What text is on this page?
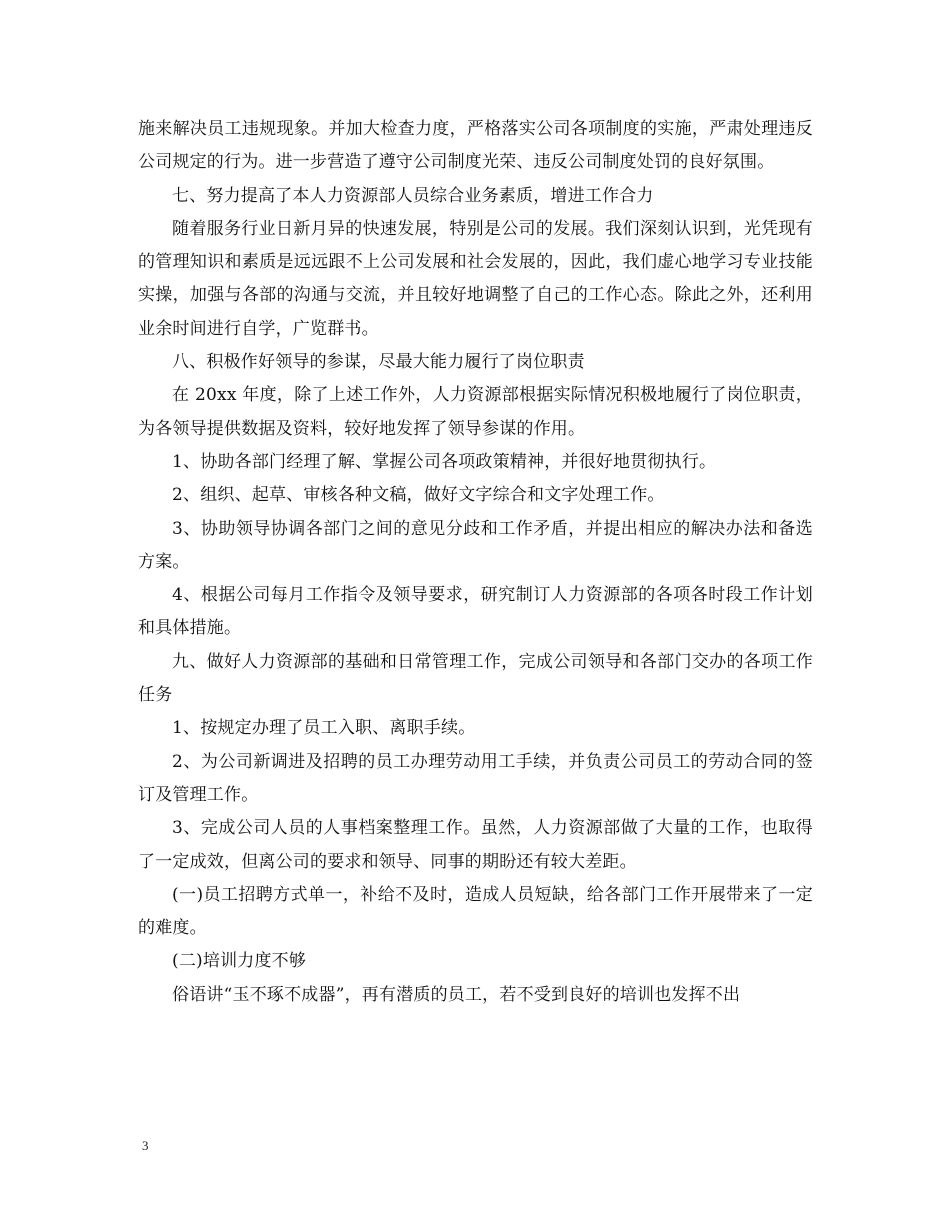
施来解决员工违规现象。并加大检查力度，严格落实公司各项制度的实施，严肃处理违反公司规定的行为。进一步营造了遵守公司制度光荣、违反公司制度处罚的良好氛围。

七、努力提高了本人力资源部人员综合业务素质，增进工作合力

随着服务行业日新月异的快速发展，特别是公司的发展。我们深刻认识到，光凭现有的管理知识和素质是远远跟不上公司发展和社会发展的，因此，我们虚心地学习专业技能实操，加强与各部的沟通与交流，并且较好地调整了自己的工作心态。除此之外，还利用业余时间进行自学，广览群书。

八、积极作好领导的参谋，尽最大能力履行了岗位职责

在 20xx 年度，除了上述工作外，人力资源部根据实际情况积极地履行了岗位职责，为各领导提供数据及资料，较好地发挥了领导参谋的作用。

1、协助各部门经理了解、掌握公司各项政策精神，并很好地贯彻执行。

2、组织、起草、审核各种文稿，做好文字综合和文字处理工作。

3、协助领导协调各部门之间的意见分歧和工作矛盾，并提出相应的解决办法和备选方案。

4、根据公司每月工作指令及领导要求，研究制订人力资源部的各项各时段工作计划和具体措施。

九、做好人力资源部的基础和日常管理工作，完成公司领导和各部门交办的各项工作任务

1、按规定办理了员工入职、离职手续。

2、为公司新调进及招聘的员工办理劳动用工手续，并负责公司员工的劳动合同的签订及管理工作。

3、完成公司人员的人事档案整理工作。虽然，人力资源部做了大量的工作，也取得了一定成效，但离公司的要求和领导、同事的期盼还有较大差距。

(一)员工招聘方式单一，补给不及时，造成人员短缺，给各部门工作开展带来了一定的难度。

(二)培训力度不够

俗语讲“玉不琢不成器”，再有潜质的员工，若不受到良好的培训也发挥不出

3
